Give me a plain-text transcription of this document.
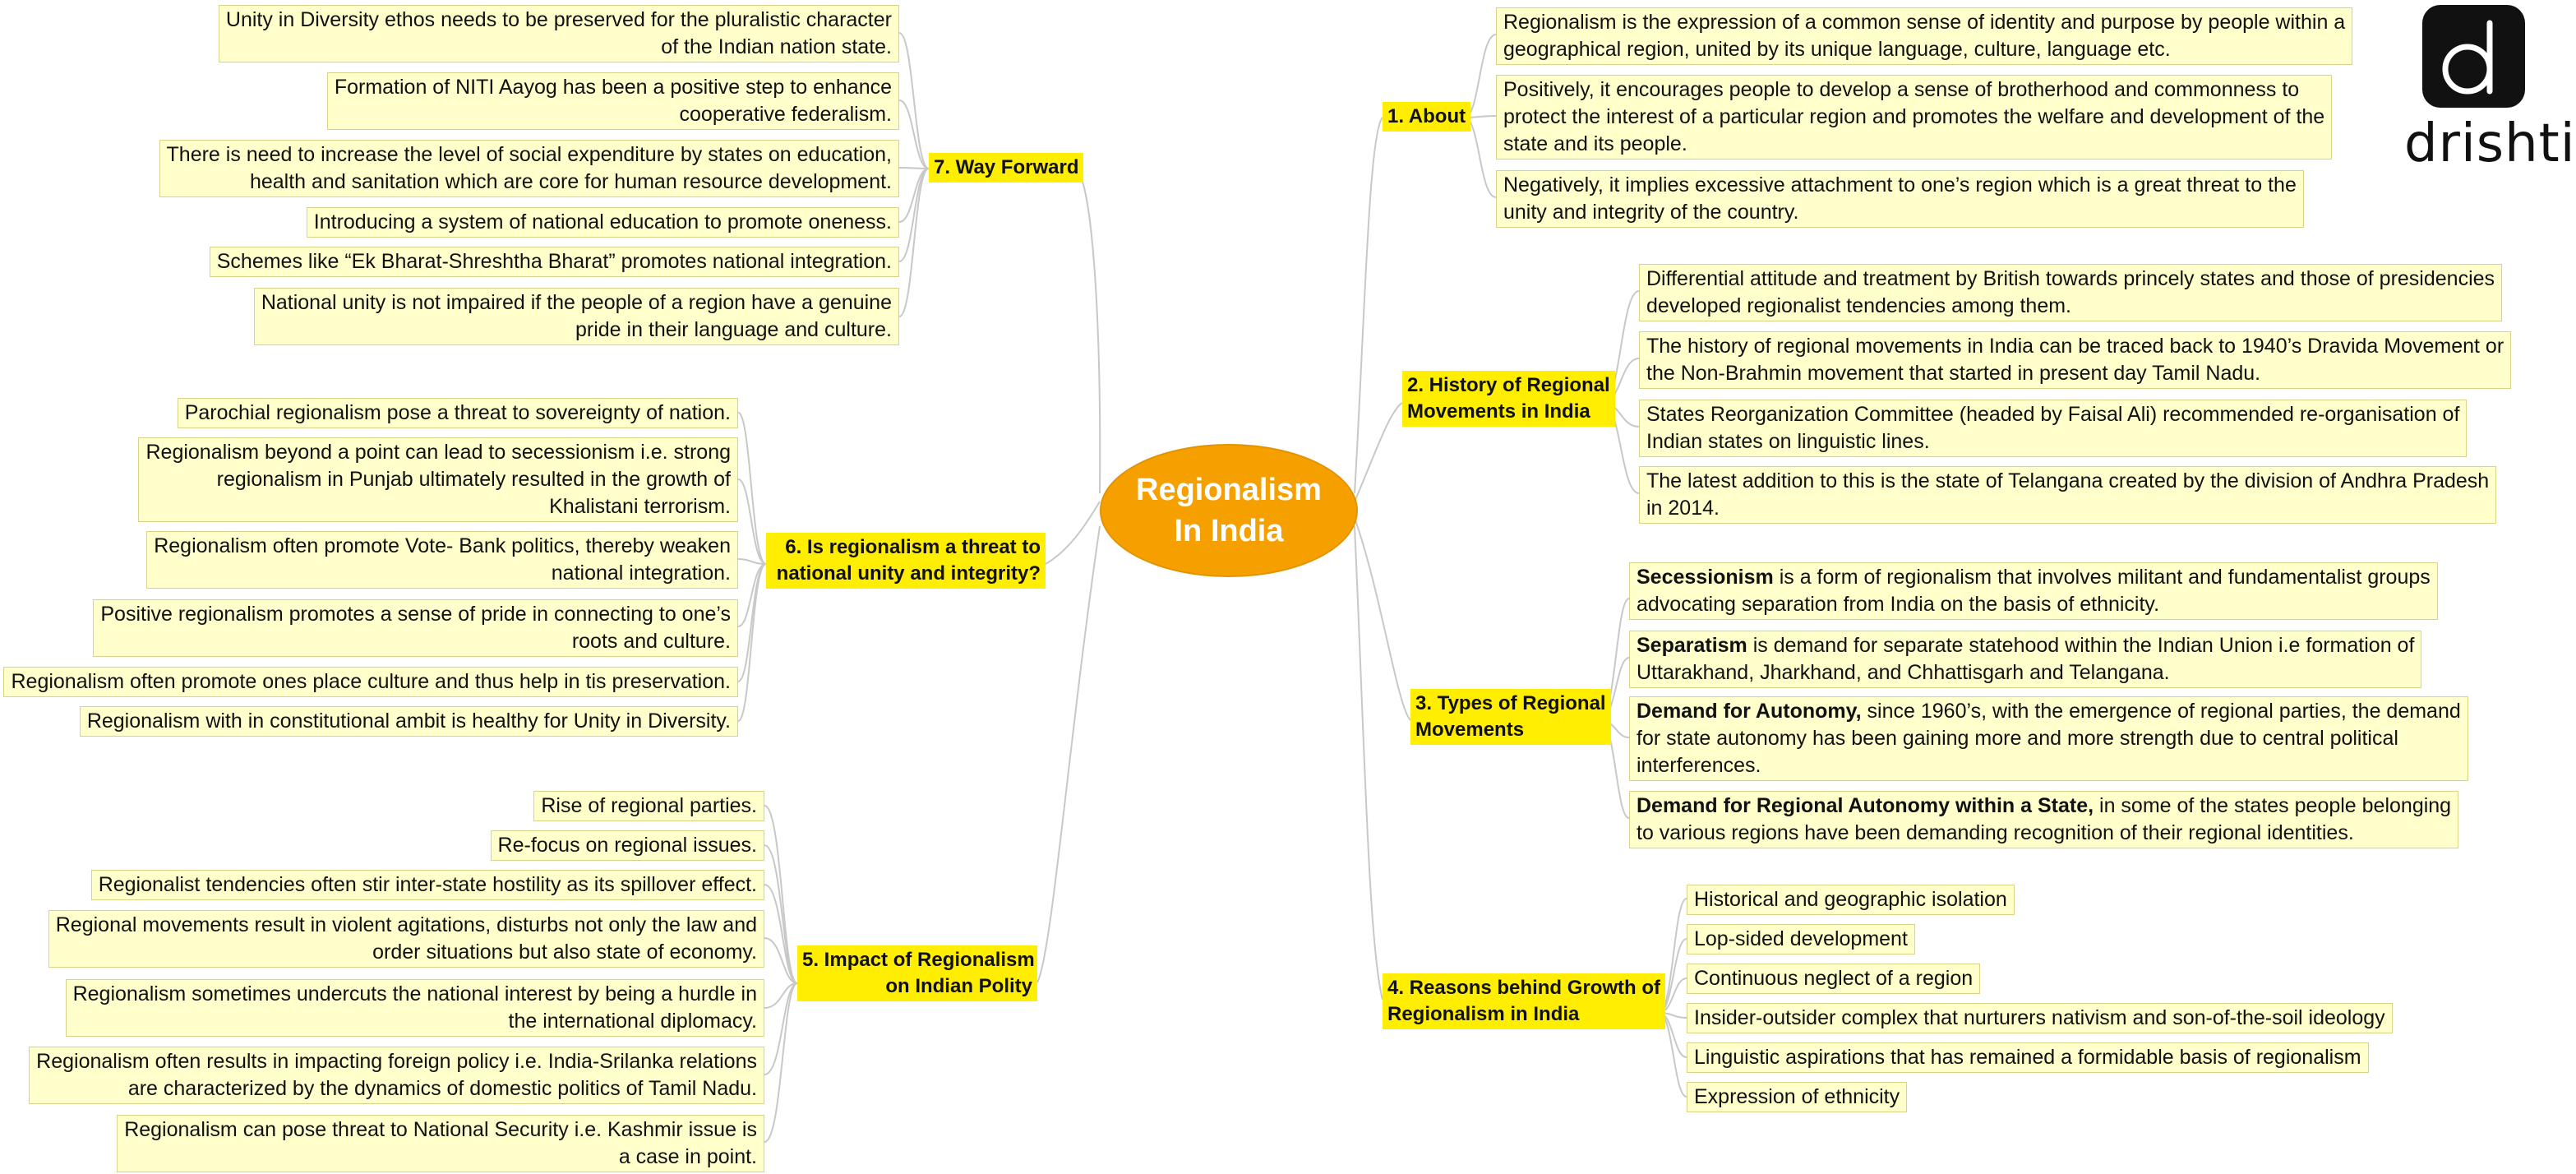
Regionalism
In India
drishti
1. About
Regionalism is the expression of a common sense of identity and purpose by people within a
geographical region, united by its unique language, culture, language etc.
Positively, it encourages people to develop a sense of brotherhood and commonness to
protect the interest of a particular region and promotes the welfare and development of the
state and its people.
Negatively, it implies excessive attachment to one’s region which is a great threat to the
unity and integrity of the country.
2. History of Regional
Movements in India
Differential attitude and treatment by British towards princely states and those of presidencies
developed regionalist tendencies among them.
The history of regional movements in India can be traced back to 1940’s Dravida Movement or
the Non-Brahmin movement that started in present day Tamil Nadu.
States Reorganization Committee (headed by Faisal Ali) recommended re-organisation of
Indian states on linguistic lines.
The latest addition to this is the state of Telangana created by the division of Andhra Pradesh
in 2014.
3. Types of Regional
Movements
Secessionism is a form of regionalism that involves militant and fundamentalist groups
advocating separation from India on the basis of ethnicity.
Separatism is demand for separate statehood within the Indian Union i.e formation of
Uttarakhand, Jharkhand, and Chhattisgarh and Telangana.
Demand for Autonomy, since 1960’s, with the emergence of regional parties, the demand
for state autonomy has been gaining more and more strength due to central political
interferences.
Demand for Regional Autonomy within a State, in some of the states people belonging
to various regions have been demanding recognition of their regional identities.
4. Reasons behind Growth of
Regionalism in India
Historical and geographic isolation
Lop-sided development
Continuous neglect of a region
Insider-outsider complex that nurturers nativism and son-of-the-soil ideology
Linguistic aspirations that has remained a formidable basis of regionalism
Expression of ethnicity
5. Impact of Regionalism
on Indian Polity
Rise of regional parties.
Re-focus on regional issues.
Regionalist tendencies often stir inter-state hostility as its spillover effect.
Regional movements result in violent agitations, disturbs not only the law and
order situations but also state of economy.
Regionalism sometimes undercuts the national interest by being a hurdle in
the international diplomacy.
Regionalism often results in impacting foreign policy i.e. India-Srilanka relations
are characterized by the dynamics of domestic politics of Tamil Nadu.
Regionalism can pose threat to National Security i.e. Kashmir issue is
a case in point.
6. Is regionalism a threat to
national unity and integrity?
Parochial regionalism pose a threat to sovereignty of nation.
Regionalism beyond a point can lead to secessionism i.e. strong
regionalism in Punjab ultimately resulted in the growth of
Khalistani terrorism.
Regionalism often promote Vote- Bank politics, thereby weaken
national integration.
Positive regionalism promotes a sense of pride in connecting to one’s
roots and culture.
Regionalism often promote ones place culture and thus help in tis preservation.
Regionalism with in constitutional ambit is healthy for Unity in Diversity.
7. Way Forward
Unity in Diversity ethos needs to be preserved for the pluralistic character
of the Indian nation state.
Formation of NITI Aayog has been a positive step to enhance
cooperative federalism.
There is need to increase the level of social expenditure by states on education,
health and sanitation which are core for human resource development.
Introducing a system of national education to promote oneness.
Schemes like “Ek Bharat-Shreshtha Bharat” promotes national integration.
National unity is not impaired if the people of a region have a genuine
pride in their language and culture.
